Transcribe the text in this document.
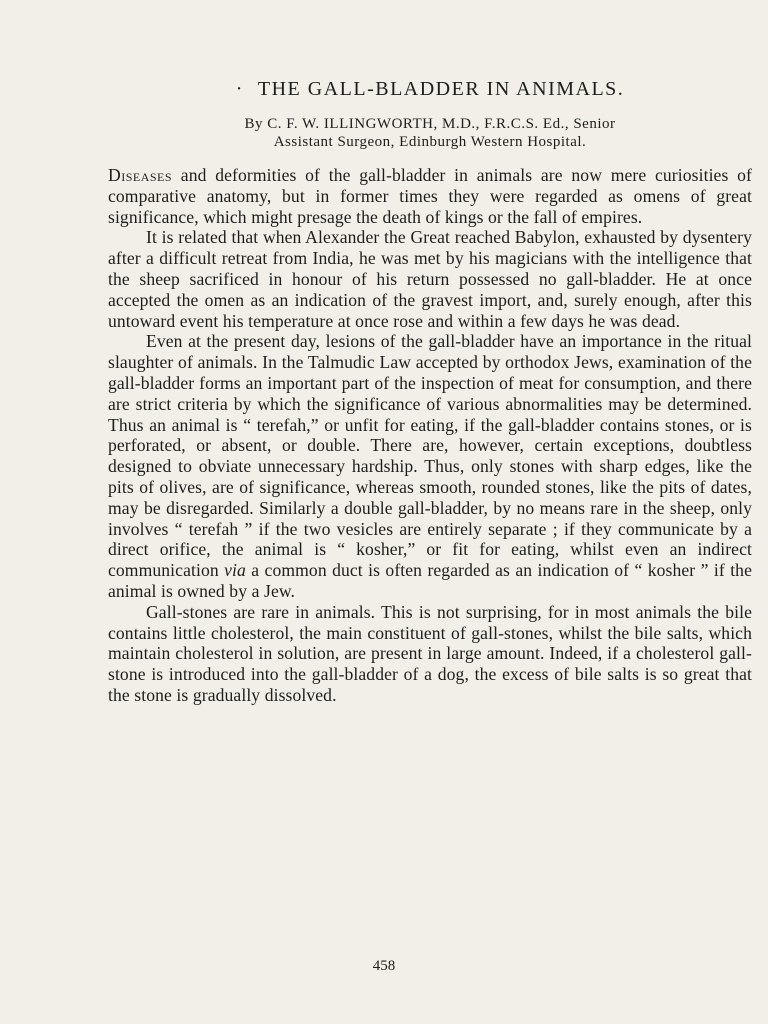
· THE GALL-BLADDER IN ANIMALS.
By C. F. W. ILLINGWORTH, M.D., F.R.C.S. Ed., Senior
Assistant Surgeon, Edinburgh Western Hospital.

Diseases and deformities of the gall-bladder in animals are now mere curiosities of comparative anatomy, but in former times they were regarded as omens of great significance, which might presage the death of kings or the fall of empires.

It is related that when Alexander the Great reached Babylon, exhausted by dysentery after a difficult retreat from India, he was met by his magicians with the intelligence that the sheep sacrificed in honour of his return possessed no gall-bladder. He at once accepted the omen as an indication of the gravest import, and, surely enough, after this untoward event his temperature at once rose and within a few days he was dead.

Even at the present day, lesions of the gall-bladder have an importance in the ritual slaughter of animals. In the Talmudic Law accepted by orthodox Jews, examination of the gall-bladder forms an important part of the inspection of meat for consumption, and there are strict criteria by which the significance of various abnormalities may be determined. Thus an animal is “ terefah,” or unfit for eating, if the gall-bladder contains stones, or is perforated, or absent, or double. There are, however, certain exceptions, doubtless designed to obviate unnecessary hardship. Thus, only stones with sharp edges, like the pits of olives, are of significance, whereas smooth, rounded stones, like the pits of dates, may be disregarded. Similarly a double gall-bladder, by no means rare in the sheep, only involves “ terefah ” if the two vesicles are entirely separate ; if they communicate by a direct orifice, the animal is “ kosher,” or fit for eating, whilst even an indirect communication via a common duct is often regarded as an indication of “ kosher ” if the animal is owned by a Jew.

Gall-stones are rare in animals. This is not surprising, for in most animals the bile contains little cholesterol, the main constituent of gall-stones, whilst the bile salts, which maintain cholesterol in solution, are present in large amount. Indeed, if a cholesterol gall-stone is introduced into the gall-bladder of a dog, the excess of bile salts is so great that the stone is gradually dissolved.

458
